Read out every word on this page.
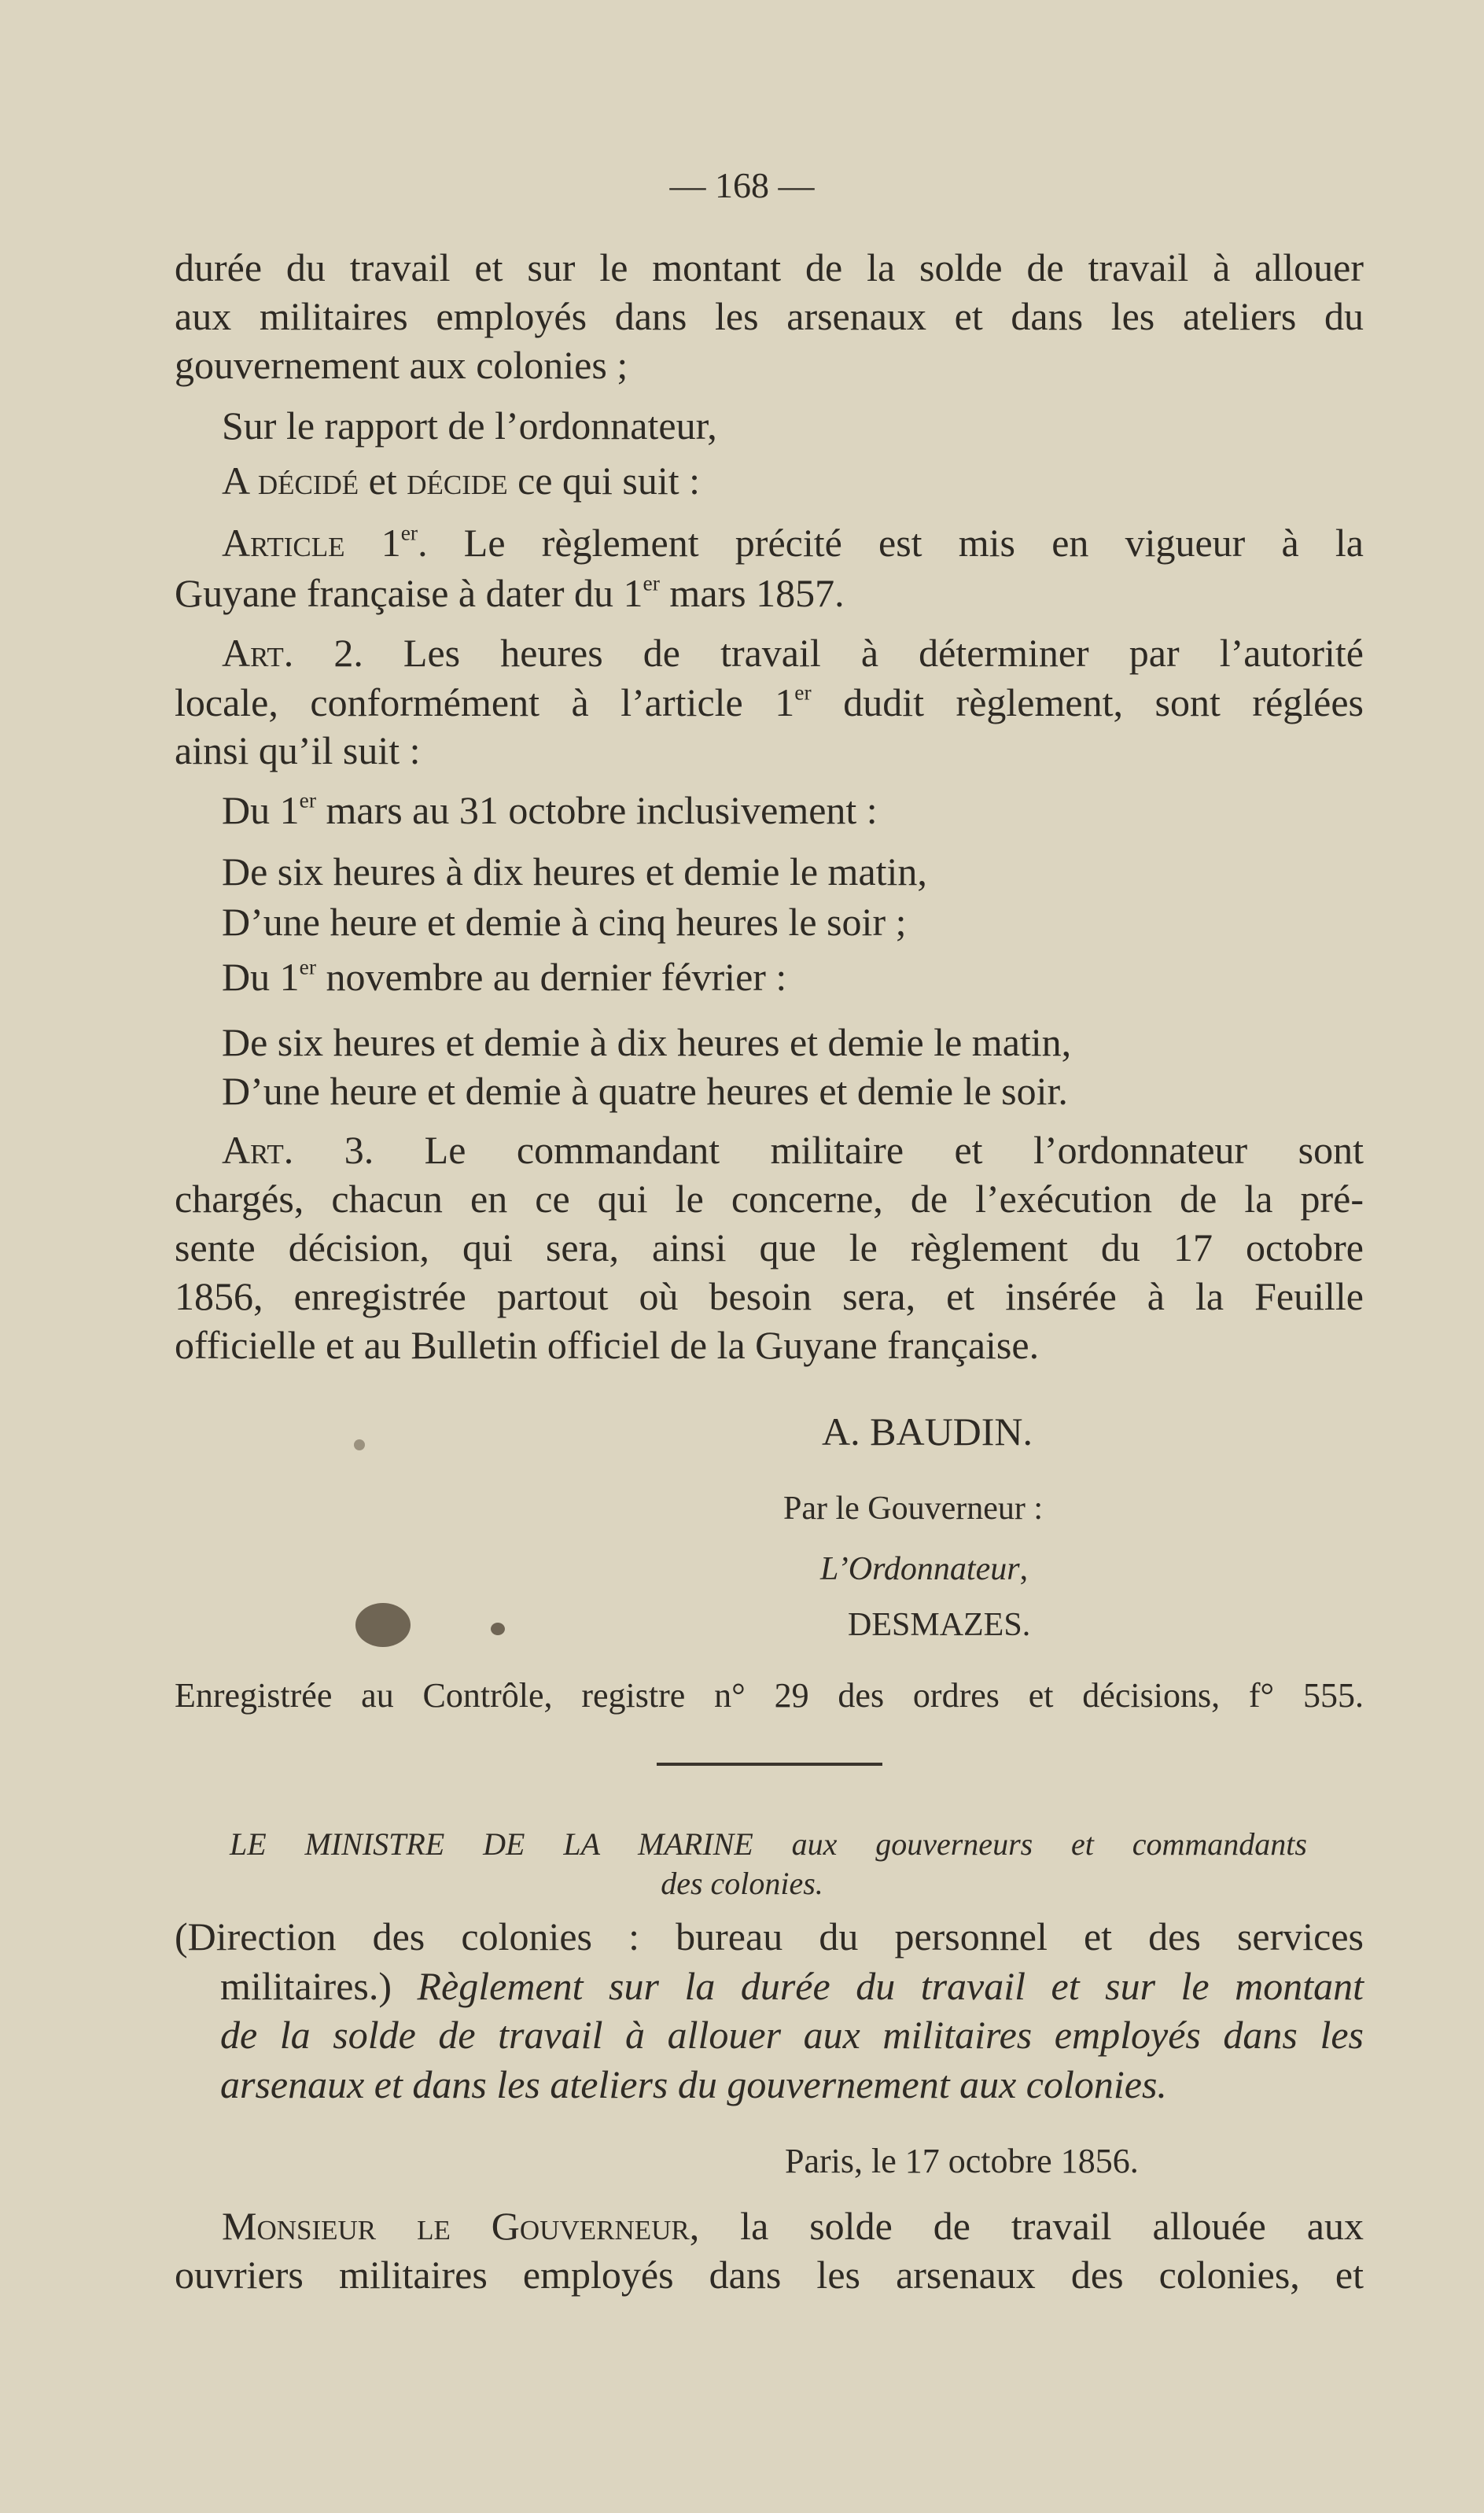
— 168 —
durée du travail et sur le montant de la solde de travail à allouer
aux militaires employés dans les arsenaux et dans les ateliers du
gouvernement aux colonies ;
Sur le rapport de l’ordonnateur,
A décidé et décide ce qui suit :
Article 1er. Le règlement précité est mis en vigueur à la
Guyane française à dater du 1er mars 1857.
Art. 2. Les heures de travail à déterminer par l’autorité
locale, conformément à l’article 1er dudit règlement, sont réglées
ainsi qu’il suit :
Du 1er mars au 31 octobre inclusivement :
De six heures à dix heures et demie le matin,
D’une heure et demie à cinq heures le soir ;
Du 1er novembre au dernier février :
De six heures et demie à dix heures et demie le matin,
D’une heure et demie à quatre heures et demie le soir.
Art. 3. Le commandant militaire et l’ordonnateur sont
chargés, chacun en ce qui le concerne, de l’exécution de la pré-
sente décision, qui sera, ainsi que le règlement du 17 octobre
1856, enregistrée partout où besoin sera, et insérée à la Feuille
officielle et au Bulletin officiel de la Guyane française.
A. BAUDIN.
Par le Gouverneur :
L’Ordonnateur,
DESMAZES.
Enregistrée au Contrôle, registre n° 29 des ordres et décisions, f° 555.
LE MINISTRE DE LA MARINE aux gouverneurs et commandants
des colonies.
(Direction des colonies : bureau du personnel et des services
militaires.) Règlement sur la durée du travail et sur le montant
de la solde de travail à allouer aux militaires employés dans les
arsenaux et dans les ateliers du gouvernement aux colonies.
Paris, le 17 octobre 1856.
Monsieur le Gouverneur, la solde de travail allouée aux
ouvriers militaires employés dans les arsenaux des colonies, et
